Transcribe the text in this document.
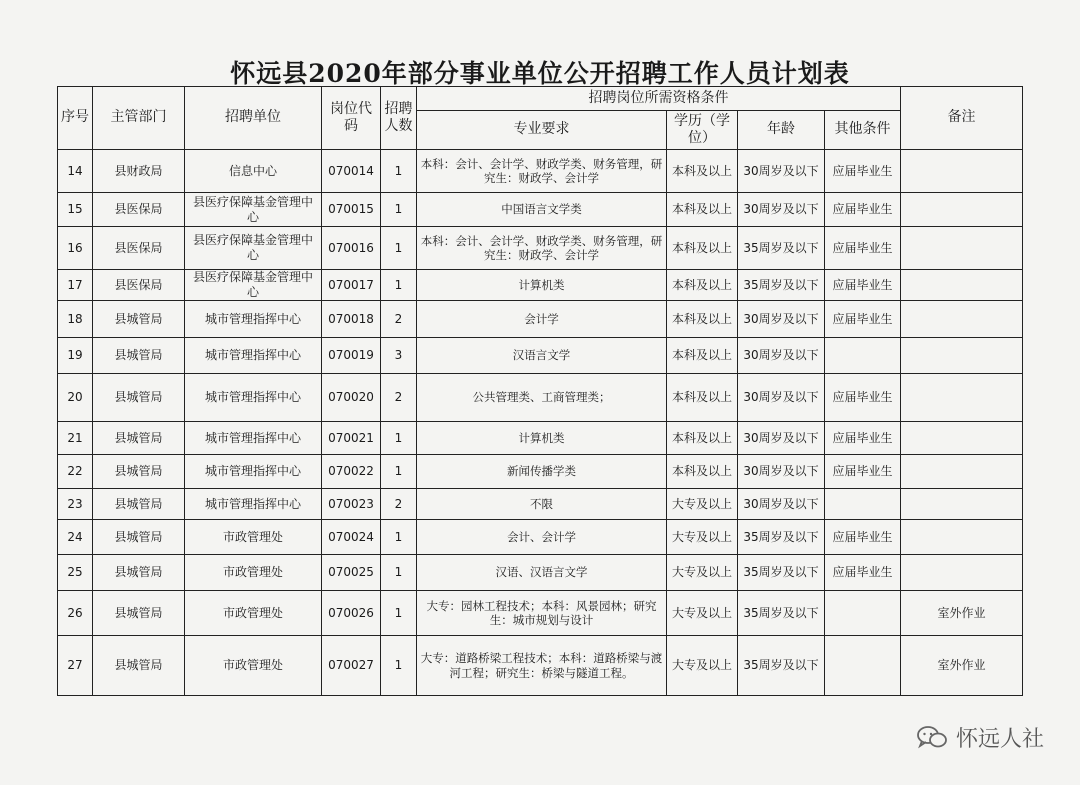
怀远县2020年部分事业单位公开招聘工作人员计划表
序号	主管部门	招聘单位	岗位代码	招聘人数	招聘岗位所需资格条件				备注
					专业要求	学历（学位）	年龄	其他条件	
14	县财政局	信息中心	070014	1	本科：会计、会计学、财政学类、财务管理，研究生：财政学、会计学	本科及以上	30周岁及以下	应届毕业生	
15	县医保局	县医疗保障基金管理中心	070015	1	中国语言文学类	本科及以上	30周岁及以下	应届毕业生	
16	县医保局	县医疗保障基金管理中心	070016	1	本科：会计、会计学、财政学类、财务管理，研究生：财政学、会计学	本科及以上	35周岁及以下	应届毕业生	
17	县医保局	县医疗保障基金管理中心	070017	1	计算机类	本科及以上	35周岁及以下	应届毕业生	
18	县城管局	城市管理指挥中心	070018	2	会计学	本科及以上	30周岁及以下	应届毕业生	
19	县城管局	城市管理指挥中心	070019	3	汉语言文学	本科及以上	30周岁及以下		
20	县城管局	城市管理指挥中心	070020	2	公共管理类、工商管理类；	本科及以上	30周岁及以下	应届毕业生	
21	县城管局	城市管理指挥中心	070021	1	计算机类	本科及以上	30周岁及以下	应届毕业生	
22	县城管局	城市管理指挥中心	070022	1	新闻传播学类	本科及以上	30周岁及以下	应届毕业生	
23	县城管局	城市管理指挥中心	070023	2	不限	大专及以上	30周岁及以下		
24	县城管局	市政管理处	070024	1	会计、会计学	大专及以上	35周岁及以下	应届毕业生	
25	县城管局	市政管理处	070025	1	汉语、汉语言文学	大专及以上	35周岁及以下	应届毕业生	
26	县城管局	市政管理处	070026	1	大专：园林工程技术；本科：风景园林；研究生：城市规划与设计	大专及以上	35周岁及以下		室外作业
27	县城管局	市政管理处	070027	1	大专：道路桥梁工程技术；本科：道路桥梁与渡河工程；研究生：桥梁与隧道工程。	大专及以上	35周岁及以下		室外作业
怀远人社
